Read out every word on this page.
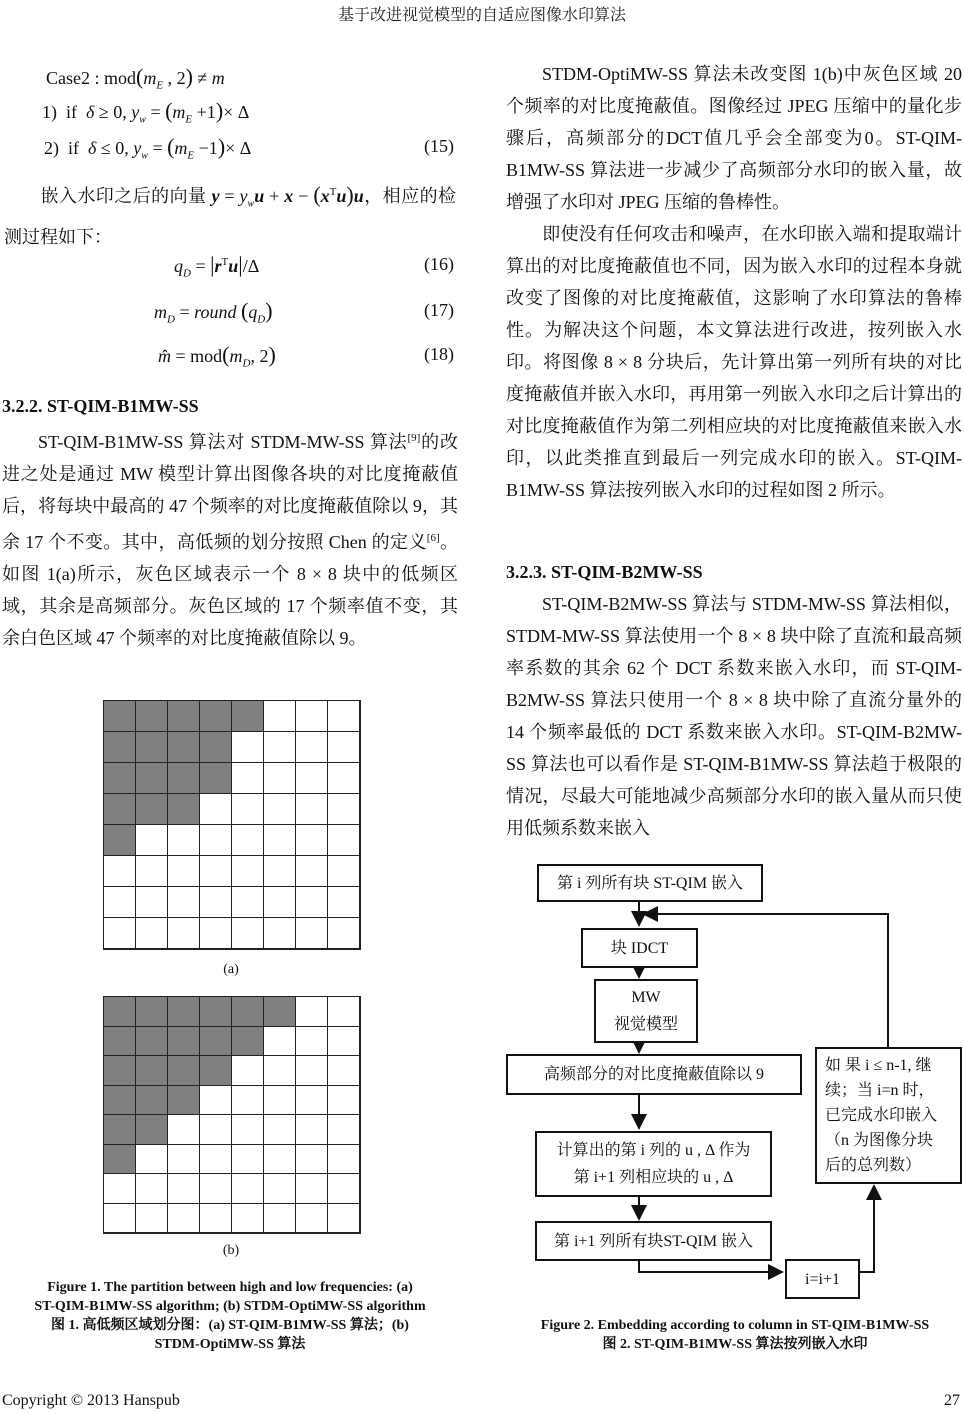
基于改进视觉模型的自适应图像水印算法
Case2 : $mod(m_E$ , 2) ≠ m
1)  if  δ ≥ 0, $y_w = (m_E +1)\times \Delta$
2)  if  δ ≤ 0, $y_w = (m_E -1)\times \Delta$	(15)
嵌入水印之后的向量 $y = y_wu + x - (x^Tu)u$，相应的检测过程如下：
$q_D = |r^Tu|/\Delta$	(16)
$m_D$ = round $(q_D)$	(17)
m̂ = $mod(m_D$, 2)	(18)
3.2.2. ST-QIM-B1MW-SS
ST-QIM-B1MW-SS 算法对 STDM-MW-SS 算法[9]的改进之处是通过 MW 模型计算出图像各块的对比度掩蔽值后，将每块中最高的 47 个频率的对比度掩蔽值除以 9，其余 17 个不变。其中，高低频的划分按照 Chen 的定义[6]。如图 1(a)所示，灰色区域表示一个 8 × 8 块中的低频区域，其余是高频部分。灰色区域的 17 个频率值不变，其余白色区域 47 个频率的对比度掩蔽值除以 9。
(a)
(b)
Figure 1. The partition between high and low frequencies: (a)
ST-QIM-B1MW-SS algorithm; (b) STDM-OptiMW-SS algorithm
图 1. 高低频区域划分图：(a) ST-QIM-B1MW-SS 算法；(b)
STDM-OptiMW-SS 算法
STDM-OptiMW-SS 算法未改变图 1(b)中灰色区域 20 个频率的对比度掩蔽值。图像经过 JPEG 压缩中的量化步骤后，高频部分的DCT值几乎会全部变为0。ST-QIM-B1MW-SS 算法进一步减少了高频部分水印的嵌入量，故增强了水印对 JPEG 压缩的鲁棒性。
即使没有任何攻击和噪声，在水印嵌入端和提取端计算出的对比度掩蔽值也不同，因为嵌入水印的过程本身就改变了图像的对比度掩蔽值，这影响了水印算法的鲁棒性。为解决这个问题，本文算法进行改进，按列嵌入水印。将图像 8 × 8 分块后，先计算出第一列所有块的对比度掩蔽值并嵌入水印，再用第一列嵌入水印之后计算出的对比度掩蔽值作为第二列相应块的对比度掩蔽值来嵌入水印，以此类推直到最后一列完成水印的嵌入。ST-QIM-B1MW-SS 算法按列嵌入水印的过程如图 2 所示。
3.2.3. ST-QIM-B2MW-SS
ST-QIM-B2MW-SS 算法与 STDM-MW-SS 算法相似，STDM-MW-SS 算法使用一个 8 × 8 块中除了直流和最高频率系数的其余 62 个 DCT 系数来嵌入水印，而 ST-QIM-B2MW-SS 算法只使用一个 8 × 8 块中除了直流分量外的 14 个频率最低的 DCT 系数来嵌入水印。ST-QIM-B2MW-SS 算法也可以看作是 ST-QIM-B1MW-SS 算法趋于极限的情况，尽最大可能地减少高频部分水印的嵌入量从而只使用低频系数来嵌入
第 i 列所有块 ST-QIM 嵌入
块 IDCT
MW
视觉模型
高频部分的对比度掩蔽值除以 9
计算出的第 i 列的 u , Δ 作为
第 i+1 列相应块的 u , Δ
第 i+1 列所有块ST-QIM 嵌入
i=i+1
如 果 i ≤ n-1, 继
续；当 i=n 时，
已完成水印嵌入
（n 为图像分块
后的总列数）
Figure 2. Embedding according to column in ST-QIM-B1MW-SS
图 2. ST-QIM-B1MW-SS 算法按列嵌入水印
Copyright © 2013 Hanspub	27
